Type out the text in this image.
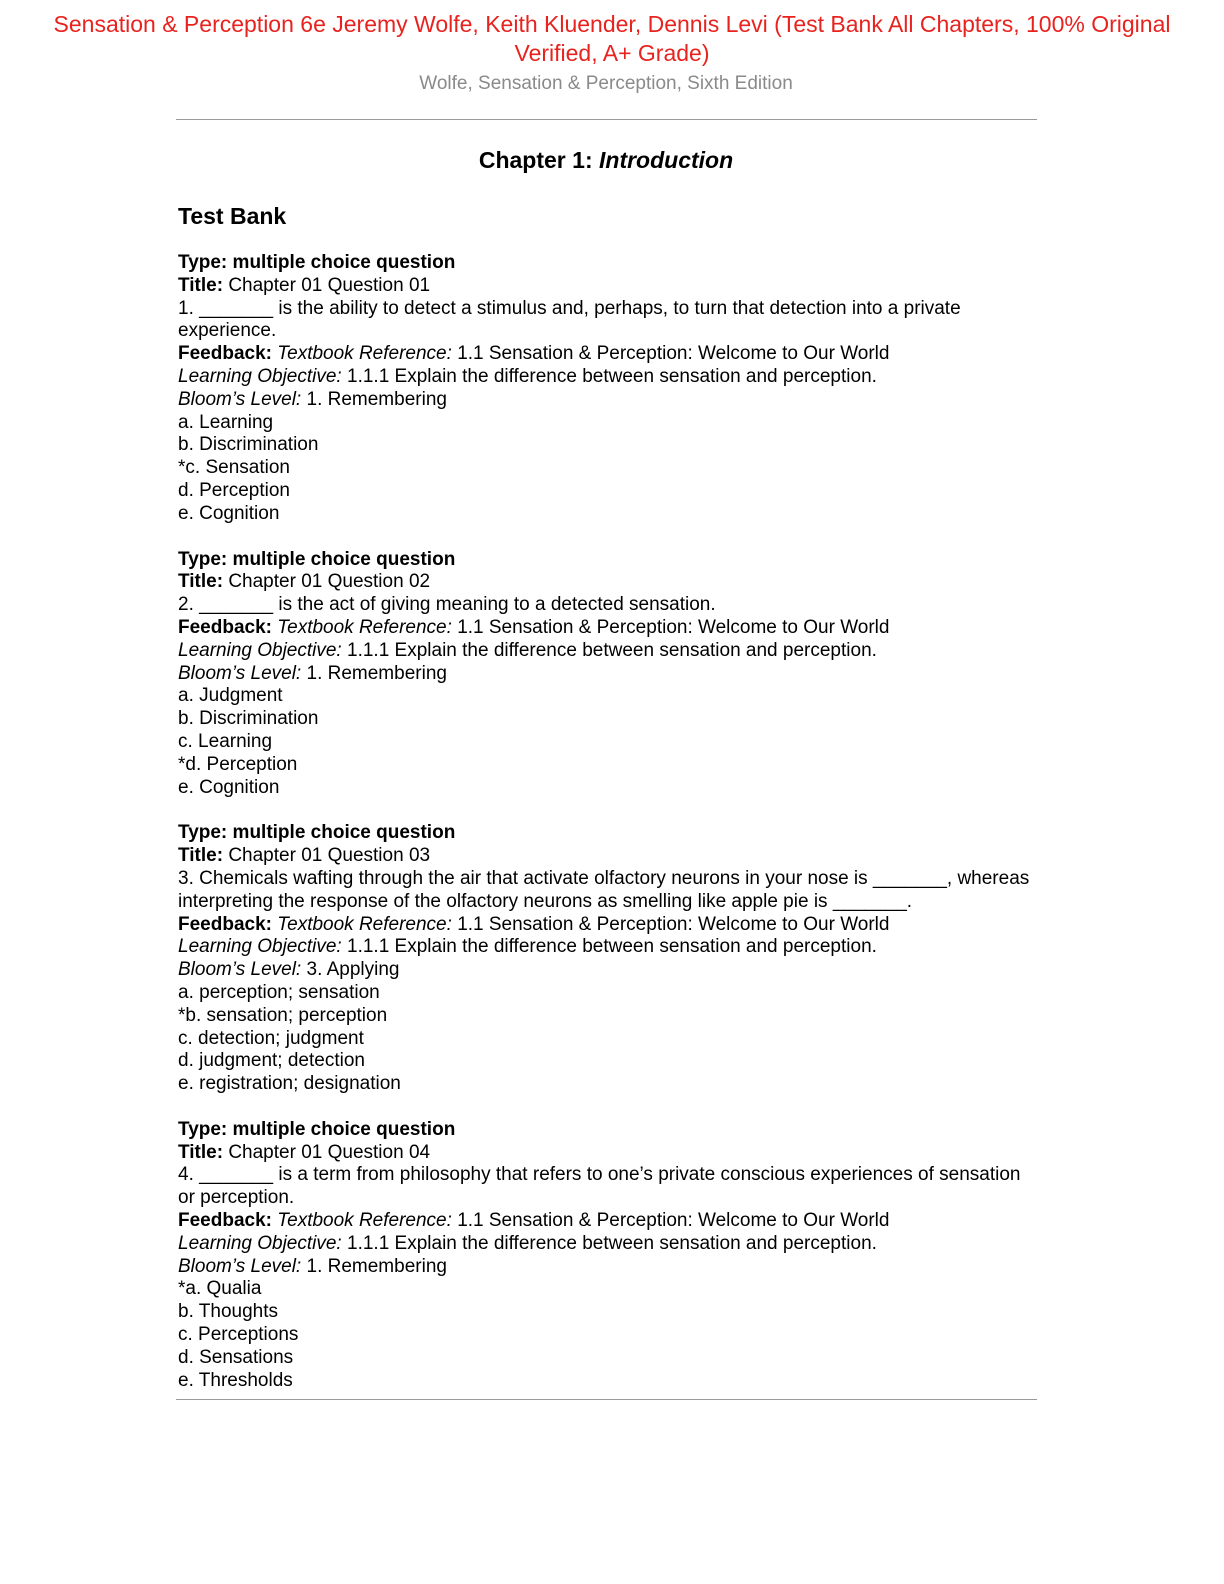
Sensation & Perception 6e Jeremy Wolfe, Keith Kluender, Dennis Levi (Test Bank All Chapters, 100% Original Verified, A+ Grade)
Wolfe, Sensation & Perception, Sixth Edition
Chapter 1: Introduction
Test Bank
Type: multiple choice question
Title: Chapter 01 Question 01
1. _______ is the ability to detect a stimulus and, perhaps, to turn that detection into a private experience.
Feedback: Textbook Reference: 1.1 Sensation & Perception: Welcome to Our World
Learning Objective: 1.1.1 Explain the difference between sensation and perception.
Bloom’s Level: 1. Remembering
a. Learning
b. Discrimination
*c. Sensation
d. Perception
e. Cognition
Type: multiple choice question
Title: Chapter 01 Question 02
2. _______ is the act of giving meaning to a detected sensation.
Feedback: Textbook Reference: 1.1 Sensation & Perception: Welcome to Our World
Learning Objective: 1.1.1 Explain the difference between sensation and perception.
Bloom’s Level: 1. Remembering
a. Judgment
b. Discrimination
c. Learning
*d. Perception
e. Cognition
Type: multiple choice question
Title: Chapter 01 Question 03
3. Chemicals wafting through the air that activate olfactory neurons in your nose is _______, whereas interpreting the response of the olfactory neurons as smelling like apple pie is _______.
Feedback: Textbook Reference: 1.1 Sensation & Perception: Welcome to Our World
Learning Objective: 1.1.1 Explain the difference between sensation and perception.
Bloom’s Level: 3. Applying
a. perception; sensation
*b. sensation; perception
c. detection; judgment
d. judgment; detection
e. registration; designation
Type: multiple choice question
Title: Chapter 01 Question 04
4. _______ is a term from philosophy that refers to one’s private conscious experiences of sensation or perception.
Feedback: Textbook Reference: 1.1 Sensation & Perception: Welcome to Our World
Learning Objective: 1.1.1 Explain the difference between sensation and perception.
Bloom’s Level: 1. Remembering
*a. Qualia
b. Thoughts
c. Perceptions
d. Sensations
e. Thresholds
